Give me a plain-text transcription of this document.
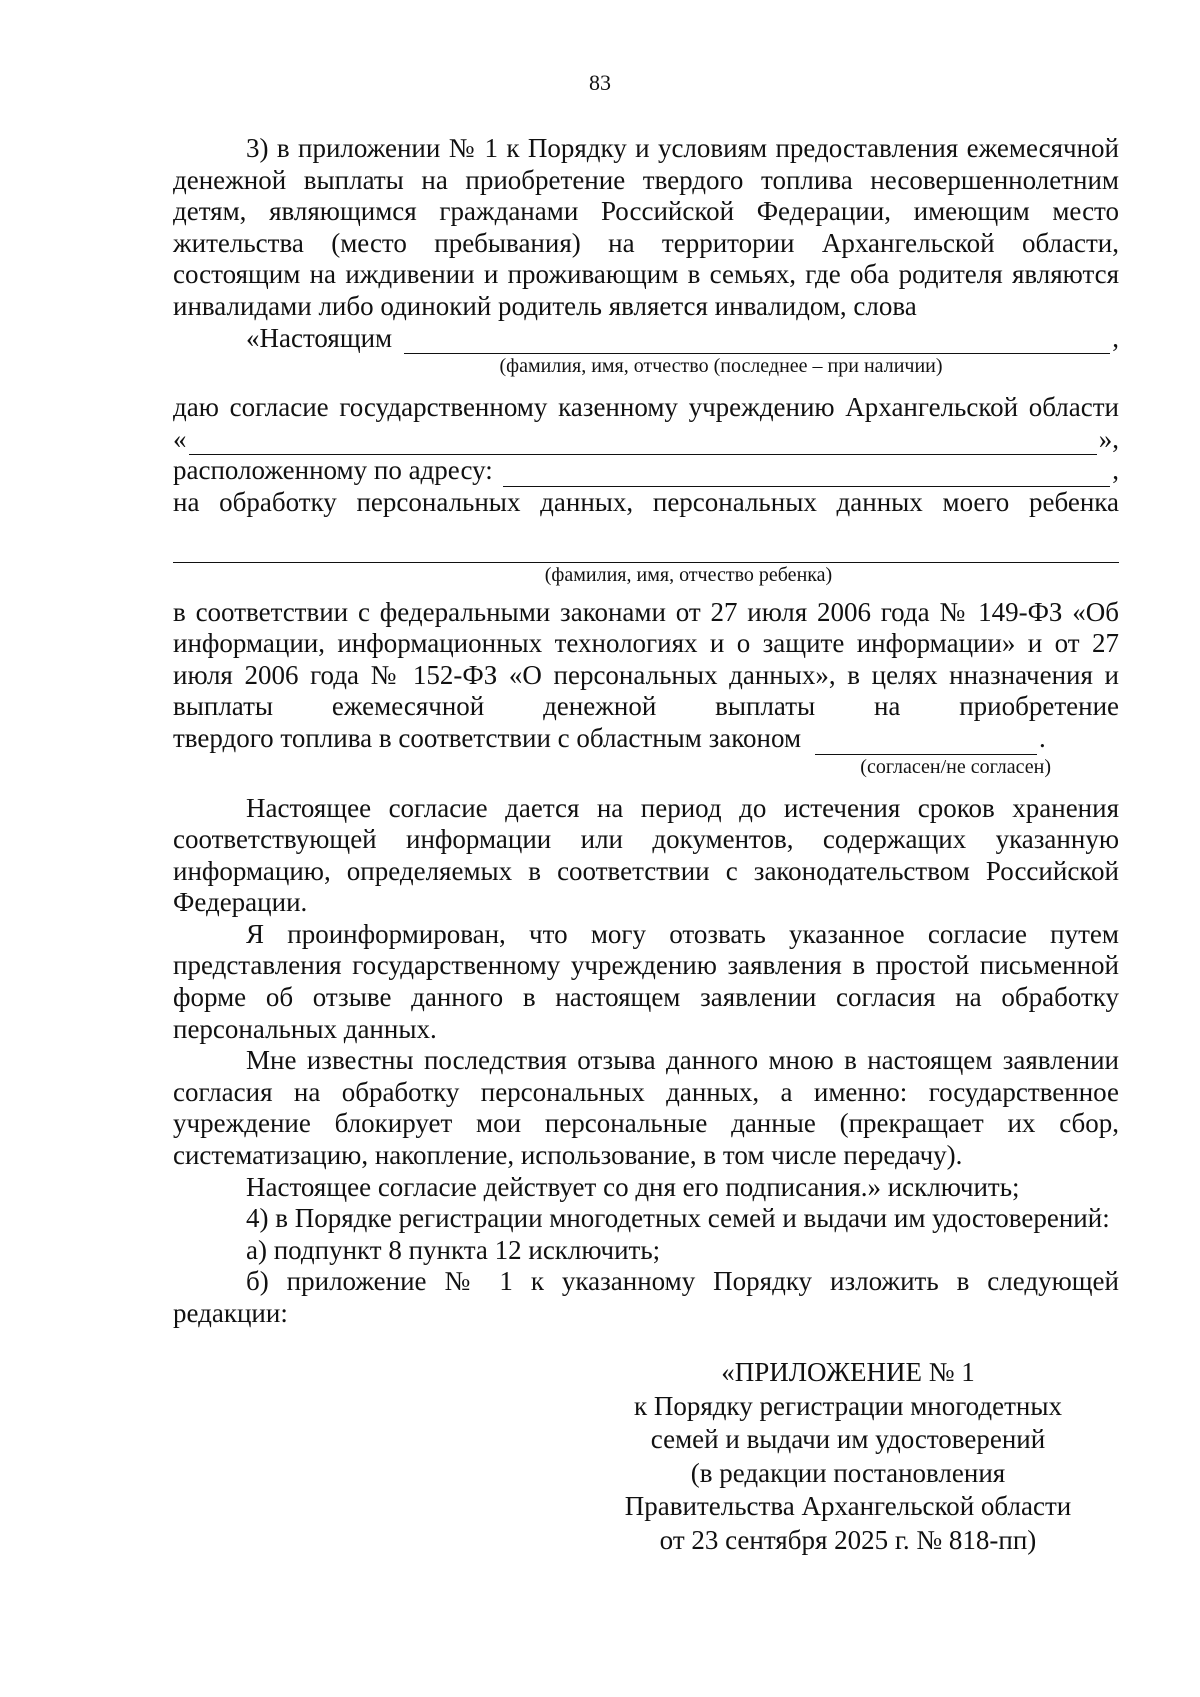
83

3) в приложении № 1 к Порядку и условиям предоставления ежемесячной денежной выплаты на приобретение твердого топлива несовершеннолетним детям, являющимся гражданами Российской Федерации, имеющим место жительства (место пребывания) на территории Архангельской области, состоящим на иждивении и проживающим в семьях, где оба родителя являются инвалидами либо одинокий родитель является инвалидом, слова

«Настоящим	,
(фамилия, имя, отчество (последнее – при наличии)
даю согласие государственному казенному учреждению Архангельской области
«	»,
расположенному по адресу:	,
на обработку персональных данных, персональных данных моего ребенка
(фамилия, имя, отчество ребенка)

в соответствии с федеральными законами от 27 июля 2006 года № 149-ФЗ «Об информации, информационных технологиях и о защите информации» и от 27 июля 2006 года № 152-ФЗ «О персональных данных», в целях нназначения и выплаты ежемесячной денежной выплаты на приобретение

твердого топлива в соответствии с областным законом	.
(согласен/не согласен)

Настоящее согласие дается на период до истечения сроков хранения соответствующей информации или документов, содержащих указанную информацию, определяемых в соответствии с законодательством Российской Федерации.

Я проинформирован, что могу отозвать указанное согласие путем представления государственному учреждению заявления в простой письменной форме об отзыве данного в настоящем заявлении согласия на обработку персональных данных.

Мне известны последствия отзыва данного мною в настоящем заявлении согласия на обработку персональных данных, а именно: государственное учреждение блокирует мои персональные данные (прекращает их сбор, систематизацию, накопление, использование, в том числе передачу).

Настоящее согласие действует со дня его подписания.» исключить;

4) в Порядке регистрации многодетных семей и выдачи им удостоверений:

а) подпункт 8 пункта 12 исключить;

б) приложение № 1 к указанному Порядку изложить в следующей редакции:

«ПРИЛОЖЕНИЕ № 1
к Порядку регистрации многодетных
семей и выдачи им удостоверений
(в редакции постановления
Правительства Архангельской области
от 23 сентября 2025 г. № 818-пп)
